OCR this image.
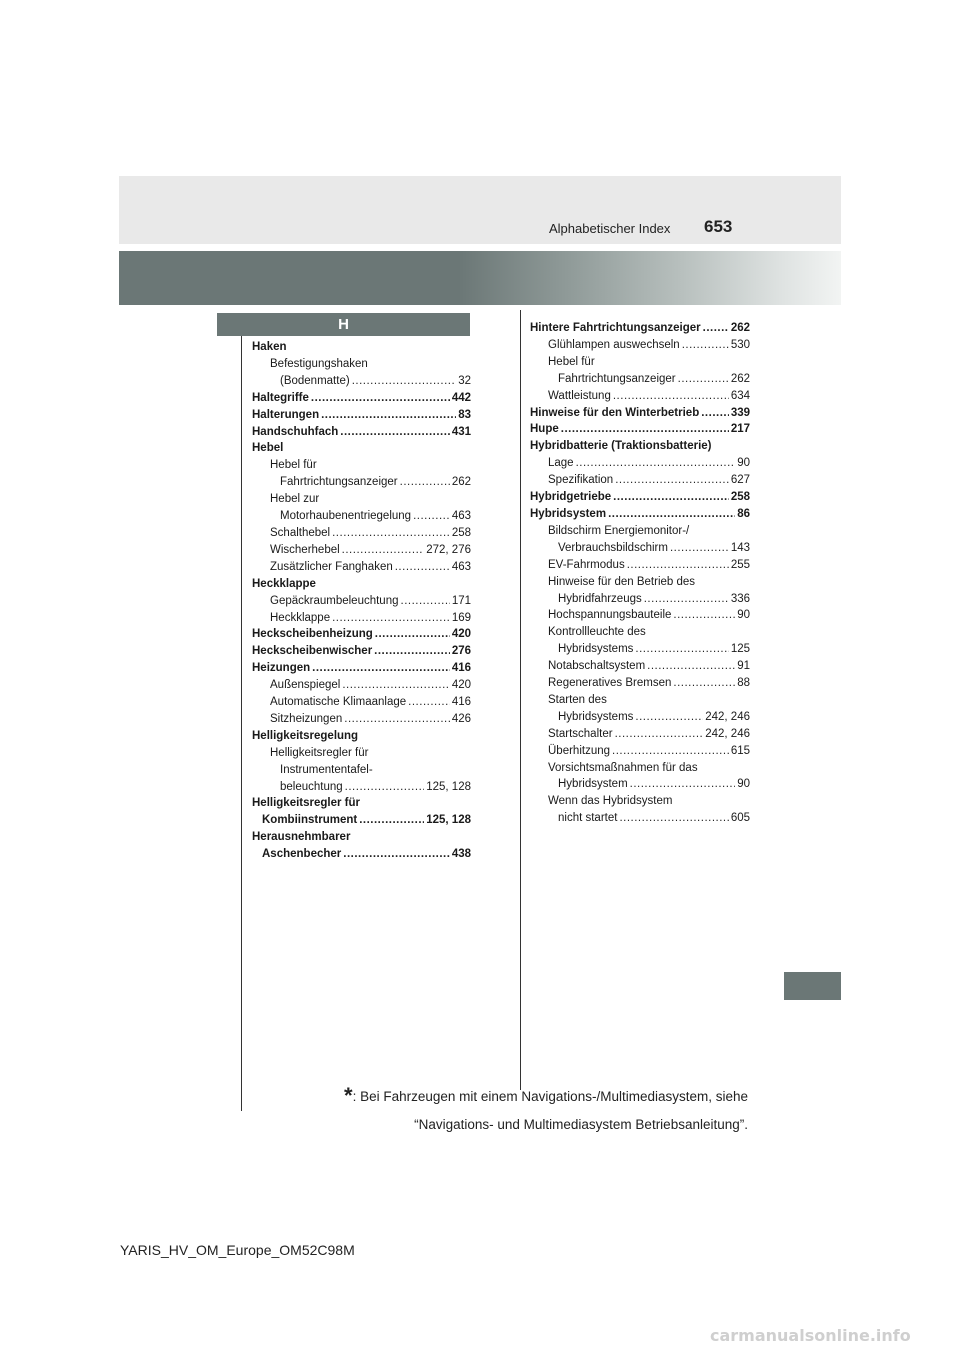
Alphabetischer Index 653
H
Haken
Befestigungshaken
(Bodenmatte) .....	32
Haltegriffe .....	442
Halterungen .....	83
Handschuhfach .....	431
Hebel
Hebel für
Fahrtrichtungsanzeiger .....	262
Hebel zur
Motorhaubenentriegelung .....	463
Schalthebel .....	258
Wischerhebel .....	272, 276
Zusätzlicher Fanghaken .....	463
Heckklappe
Gepäckraumbeleuchtung .....	171
Heckklappe .....	169
Heckscheibenheizung .....	420
Heckscheibenwischer .....	276
Heizungen .....	416
Außenspiegel .....	420
Automatische Klimaanlage .....	416
Sitzheizungen .....	426
Helligkeitsregelung
Helligkeitsregler für
Instrumententafel-
beleuchtung .....	125, 128
Helligkeitsregler für
Kombiinstrument .....	125, 128
Herausnehmbarer
Aschenbecher .....	438
Hintere Fahrtrichtungsanzeiger .....	262
Glühlampen auswechseln .....	530
Hebel für
Fahrtrichtungsanzeiger .....	262
Wattleistung .....	634
Hinweise für den Winterbetrieb .....	339
Hupe .....	217
Hybridbatterie (Traktionsbatterie)
Lage .....	90
Spezifikation .....	627
Hybridgetriebe .....	258
Hybridsystem .....	86
Bildschirm Energiemonitor-/
Verbrauchsbildschirm .....	143
EV-Fahrmodus .....	255
Hinweise für den Betrieb des
Hybridfahrzeugs .....	336
Hochspannungsbauteile .....	90
Kontrollleuchte des
Hybridsystems .....	125
Notabschaltsystem .....	91
Regeneratives Bremsen .....	88
Starten des
Hybridsystems .....	242, 246
Startschalter .....	242, 246
Überhitzung .....	615
Vorsichtsmaßnahmen für das
Hybridsystem .....	90
Wenn das Hybridsystem
nicht startet .....	605
*: Bei Fahrzeugen mit einem Navigations-/Multimediasystem, siehe
“Navigations- und Multimediasystem Betriebsanleitung”.
YARIS_HV_OM_Europe_OM52C98M
carmanualsonline.info
